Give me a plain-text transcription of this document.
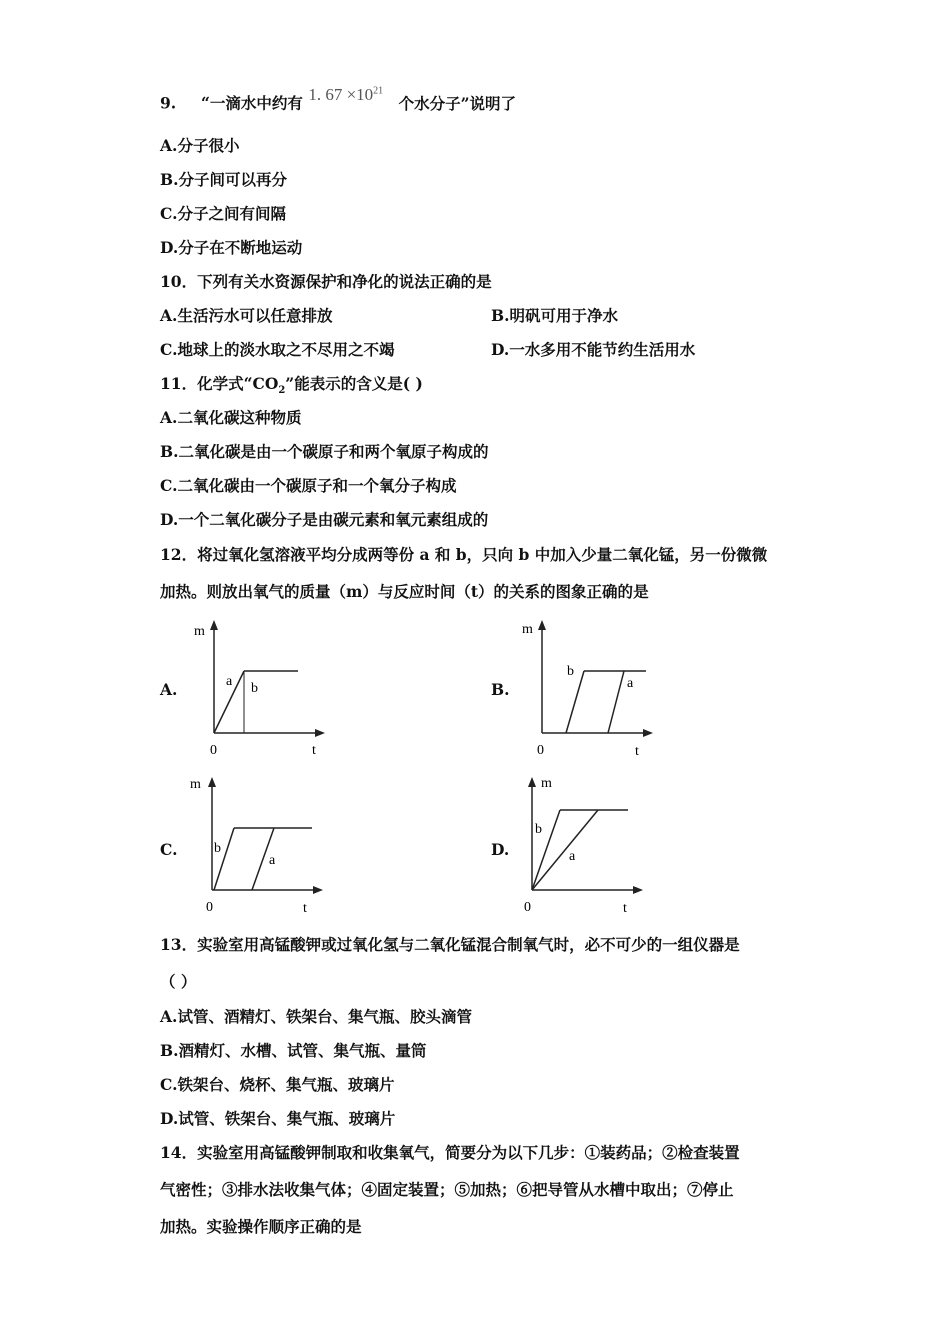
9. “一滴水中约有 1. $67 \times 10^{21}$ 个水分子”说明了
A.分子很小
B.分子间可以再分
C.分子之间有间隔
D.分子在不断地运动
10．下列有关水资源保护和净化的说法正确的是
A.生活污水可以任意排放	B.明矾可用于净水
C.地球上的淡水取之不尽用之不竭	D.一水多用不能节约生活用水
11．化学式“$CO_2$”能表示的含义是( )
A.二氧化碳这种物质
B.二氧化碳是由一个碳原子和两个氧原子构成的
C.二氧化碳由一个碳原子和一个氧分子构成
D.一个二氧化碳分子是由碳元素和氧元素组成的
12．将过氧化氢溶液平均分成两等份 a 和 b，只向 b 中加入少量二氧化锰，另一份微微
加热。则放出氧气的质量（m）与反应时间（t）的关系的图象正确的是
A.	B.
C.	D.
m
t
0
a b
m
t
0
b
a
m
t
0
b
a
m
t
0
b
a
13．实验室用高锰酸钾或过氧化氢与二氧化锰混合制氧气时，必不可少的一组仪器是
（ ）
A.试管、酒精灯、铁架台、集气瓶、胶头滴管
B.酒精灯、水槽、试管、集气瓶、量筒
C.铁架台、烧杯、集气瓶、玻璃片
D.试管、铁架台、集气瓶、玻璃片
14．实验室用高锰酸钾制取和收集氧气，简要分为以下几步：①装药品；②检查装置
气密性；③排水法收集气体；④固定装置；⑤加热；⑥把导管从水槽中取出；⑦停止
加热。实验操作顺序正确的是
